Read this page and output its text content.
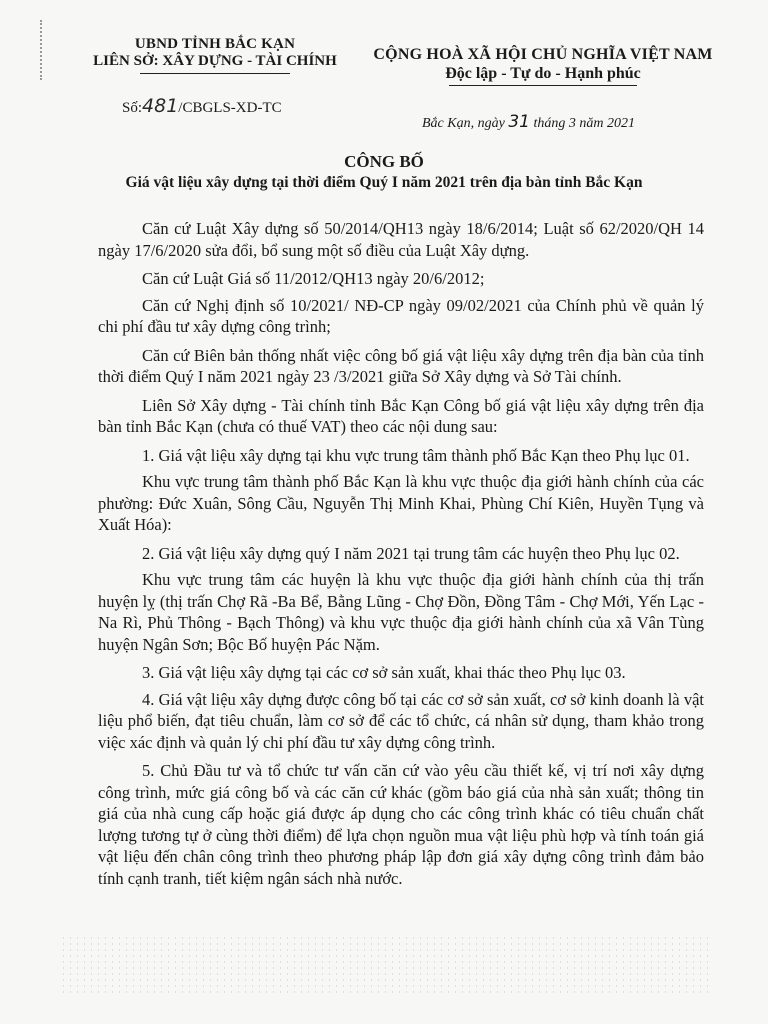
UBND TỈNH BẮC KẠN
LIÊN SỞ: XÂY DỰNG - TÀI CHÍNH	CỘNG HOÀ XÃ HỘI CHỦ NGHĨA VIỆT NAM
Độc lập - Tự do - Hạnh phúc
Số:481/CBGLS-XD-TC
Bắc Kạn, ngày 31 tháng 3 năm 2021
CÔNG BỐ
Giá vật liệu xây dựng tại thời điểm Quý I năm 2021 trên địa bàn tỉnh Bắc Kạn

Căn cứ Luật Xây dựng số 50/2014/QH13 ngày 18/6/2014; Luật số 62/2020/QH 14 ngày 17/6/2020 sửa đổi, bổ sung một số điều của Luật Xây dựng.

Căn cứ Luật Giá số 11/2012/QH13 ngày 20/6/2012;

Căn cứ Nghị định số 10/2021/ NĐ-CP ngày 09/02/2021 của Chính phủ về quản lý chi phí đầu tư xây dựng công trình;

Căn cứ Biên bản thống nhất việc công bố giá vật liệu xây dựng trên địa bàn của tỉnh thời điểm Quý I năm 2021 ngày 23 /3/2021 giữa Sở Xây dựng và Sở Tài chính.

Liên Sở Xây dựng - Tài chính tỉnh Bắc Kạn Công bố giá vật liệu xây dựng trên địa bàn tỉnh Bắc Kạn (chưa có thuế VAT) theo các nội dung sau:

1. Giá vật liệu xây dựng tại khu vực trung tâm thành phố Bắc Kạn theo Phụ lục 01.

Khu vực trung tâm thành phố Bắc Kạn là khu vực thuộc địa giới hành chính của các phường: Đức Xuân, Sông Cầu, Nguyễn Thị Minh Khai, Phùng Chí Kiên, Huyền Tụng và Xuất Hóa):

2. Giá vật liệu xây dựng quý I năm 2021 tại trung tâm các huyện theo Phụ lục 02.

Khu vực trung tâm các huyện là khu vực thuộc địa giới hành chính của thị trấn huyện lỵ (thị trấn Chợ Rã -Ba Bể, Bằng Lũng - Chợ Đồn, Đồng Tâm - Chợ Mới, Yến Lạc - Na Rì, Phủ Thông - Bạch Thông) và khu vực thuộc địa giới hành chính của xã Vân Tùng huyện Ngân Sơn; Bộc Bố huyện Pác Nặm.

3. Giá vật liệu xây dựng tại các cơ sở sản xuất, khai thác theo Phụ lục 03.

4. Giá vật liệu xây dựng được công bố tại các cơ sở sản xuất, cơ sở kinh doanh là vật liệu phổ biến, đạt tiêu chuẩn, làm cơ sở để các tổ chức, cá nhân sử dụng, tham khảo trong việc xác định và quản lý chi phí đầu tư xây dựng công trình.

5. Chủ Đầu tư và tổ chức tư vấn căn cứ vào yêu cầu thiết kế, vị trí nơi xây dựng công trình, mức giá công bố và các căn cứ khác (gồm báo giá của nhà sản xuất; thông tin giá của nhà cung cấp hoặc giá được áp dụng cho các công trình khác có tiêu chuẩn chất lượng tương tự ở cùng thời điểm) để lựa chọn nguồn mua vật liệu phù hợp và tính toán giá vật liệu đến chân công trình theo phương pháp lập đơn giá xây dựng công trình đảm bảo tính cạnh tranh, tiết kiệm ngân sách nhà nước.
